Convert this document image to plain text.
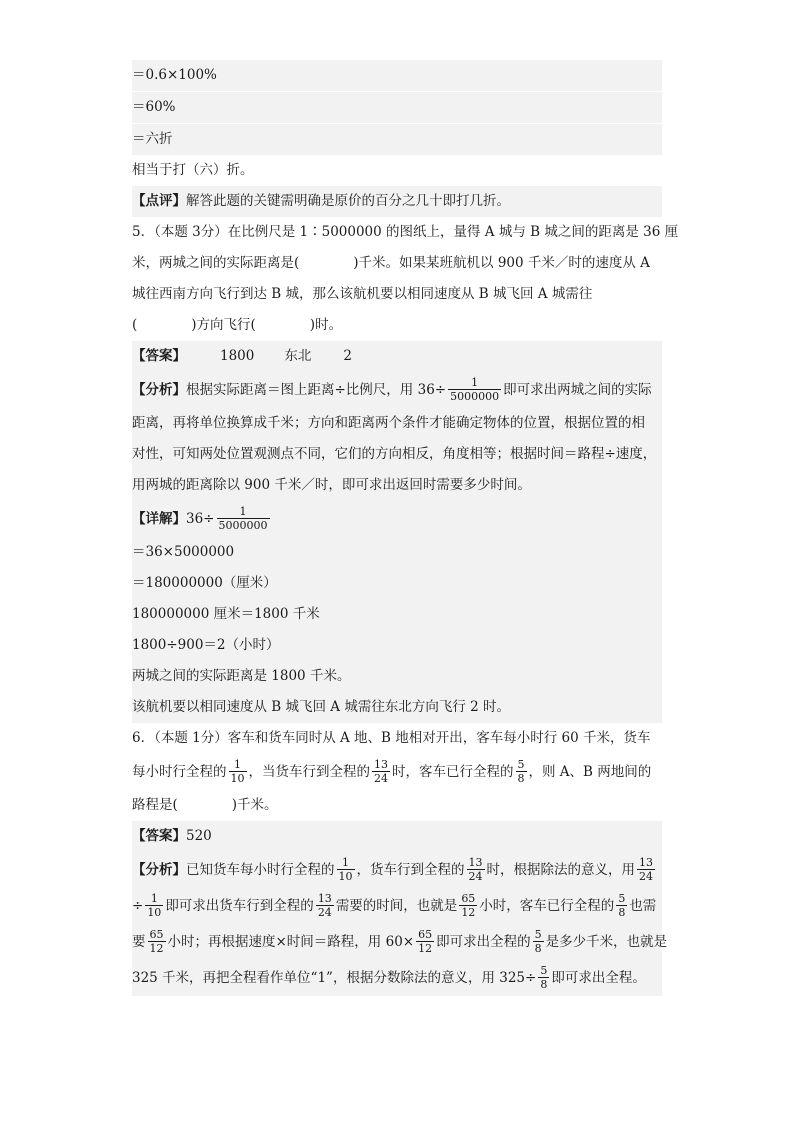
＝0.6×100%
＝60%
＝六折
相当于打（六）折。
【点评】解答此题的关键需明确是原价的百分之几十即打几折。
5．（本题 3分）在比例尺是 1∶5000000 的图纸上，量得 A 城与 B 城之间的距离是 36 厘
米，两城之间的实际距离是(　　　　)千米。如果某班航机以 900 千米／时的速度从 A
城往西南方向飞行到达 B 城，那么该航机要以相同速度从 B 城飞回 A 城需往
(　　　　)方向飞行(　　　　)时。
【答案】	1800 东北 2
【分析】根据实际距离＝图上距离÷比例尺，用 $36\div \frac{1}{5000000}$ 即可求出两城之间的实际
距离，再将单位换算成千米；方向和距离两个条件才能确定物体的位置，根据位置的相
对性，可知两处位置观测点不同，它们的方向相反，角度相等；根据时间＝路程÷速度，
用两城的距离除以 900 千米／时，即可求出返回时需要多少时间。
【详解】$36\div \frac{1}{5000000}$
＝36×5000000
＝180000000（厘米）
180000000 厘米＝1800 千米
1800÷900＝2（小时）
两城之间的实际距离是 1800 千米。
该航机要以相同速度从 B 城飞回 A 城需往东北方向飞行 2 时。
6．（本题 1分）客车和货车同时从 A 地、B 地相对开出，客车每小时行 60 千米，货车
每小时行全程的 $\frac{1}{10}$ ，当货车行到全程的 $\frac{13}{24}$ 时，客车已行全程的 $\frac{5}{8}$ ，则 A、B 两地间的
路程是(　　　　)千米。
【答案】520
【分析】已知货车每小时行全程的 $\frac{1}{10}$ ，货车行到全程的 $\frac{13}{24}$ 时，根据除法的意义，用 $\frac{13}{24}$
÷ $\frac{1}{10}$ 即可求出货车行到全程的 $\frac{13}{24}$ 需要的时间，也就是 $\frac{65}{12}$ 小时，客车已行全程的 $\frac{5}{8}$ 也需
要 $\frac{65}{12}$ 小时；再根据速度×时间＝路程，用 $60\times \frac{65}{12}$ 即可求出全程的 $\frac{5}{8}$ 是多少千米，也就是
325 千米，再把全程看作单位“1”，根据分数除法的意义，用 $325\div \frac{5}{8}$ 即可求出全程。
